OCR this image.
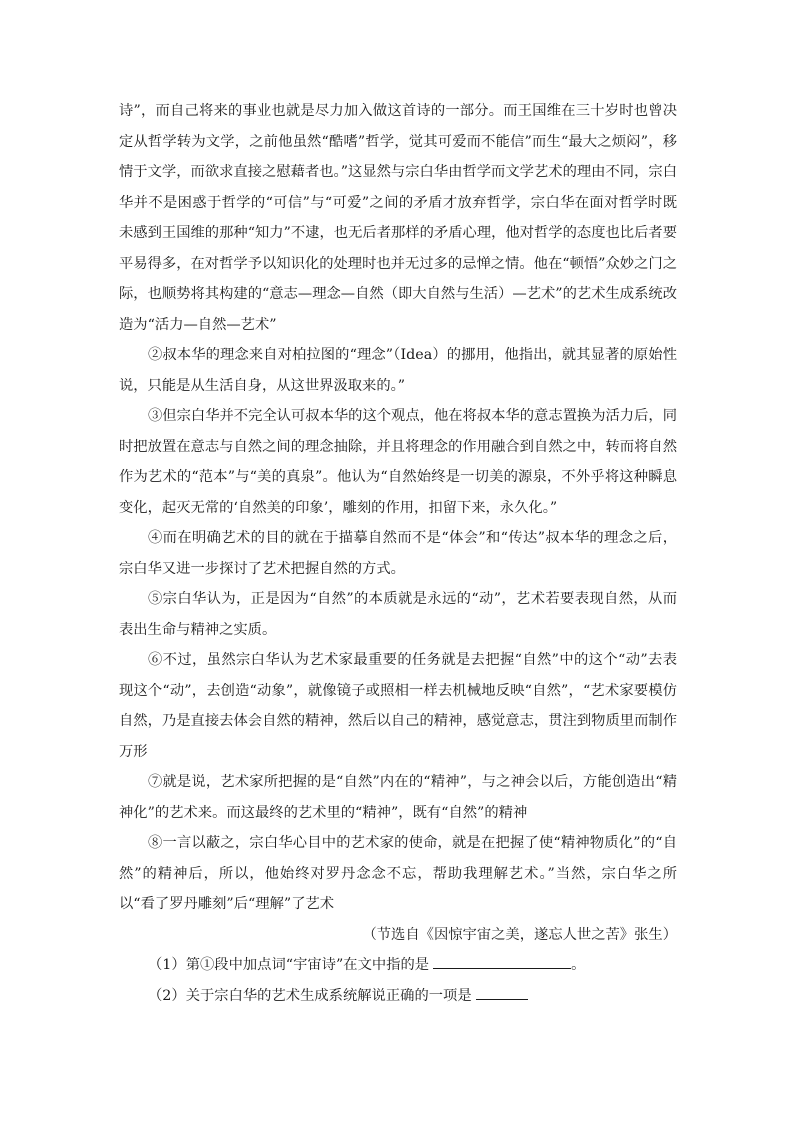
诗”，而自己将来的事业也就是尽力加入做这首诗的一部分。而王国维在三十岁时也曾决定从哲学转为文学，之前他虽然“酷嗜”哲学，觉其可爱而不能信”而生“最大之烦闷”，移情于文学，而欲求直接之慰藉者也。”这显然与宗白华由哲学而文学艺术的理由不同，宗白华并不是困惑于哲学的“可信”与“可爱”之间的矛盾才放弃哲学，宗白华在面对哲学时既未感到王国维的那种“知力”不逮，也无后者那样的矛盾心理，他对哲学的态度也比后者要平易得多，在对哲学予以知识化的处理时也并无过多的忌惮之情。他在“顿悟”众妙之门之际，也顺势将其构建的“意志—理念—自然（即大自然与生活）—艺术”的艺术生成系统改造为“活力—自然—艺术”

②叔本华的理念来自对柏拉图的“理念”（Idea）的挪用，他指出，就其显著的原始性说，只能是从生活自身，从这世界汲取来的。”

③但宗白华并不完全认可叔本华的这个观点，他在将叔本华的意志置换为活力后，同时把放置在意志与自然之间的理念抽除，并且将理念的作用融合到自然之中，转而将自然作为艺术的“范本”与“美的真泉”。他认为“自然始终是一切美的源泉，不外乎将这种瞬息变化，起灭无常的‘自然美的印象’，雕刻的作用，扣留下来，永久化。”

④而在明确艺术的目的就在于描摹自然而不是“体会”和“传达”叔本华的理念之后，宗白华又进一步探讨了艺术把握自然的方式。

⑤宗白华认为，正是因为“自然”的本质就是永远的“动”，艺术若要表现自然，从而表出生命与精神之实质。

⑥不过，虽然宗白华认为艺术家最重要的任务就是去把握“自然”中的这个“动”去表现这个“动”，去创造“动象”，就像镜子或照相一样去机械地反映“自然”，“艺术家要模仿自然，乃是直接去体会自然的精神，然后以自己的精神，感觉意志，贯注到物质里而制作万形

⑦就是说，艺术家所把握的是“自然”内在的“精神”，与之神会以后，方能创造出“精神化”的艺术来。而这最终的艺术里的“精神”，既有“自然”的精神

⑧一言以蔽之，宗白华心目中的艺术家的使命，就是在把握了使“精神物质化”的“自然”的精神后，所以，他始终对罗丹念念不忘，帮助我理解艺术。”当然，宗白华之所以“看了罗丹雕刻”后“理解”了艺术

（节选自《因惊宇宙之美，遂忘人世之苦》张生）

（1）第①段中加点词“宇宙诗”在文中指的是	。

（2）关于宗白华的艺术生成系统解说正确的一项是
